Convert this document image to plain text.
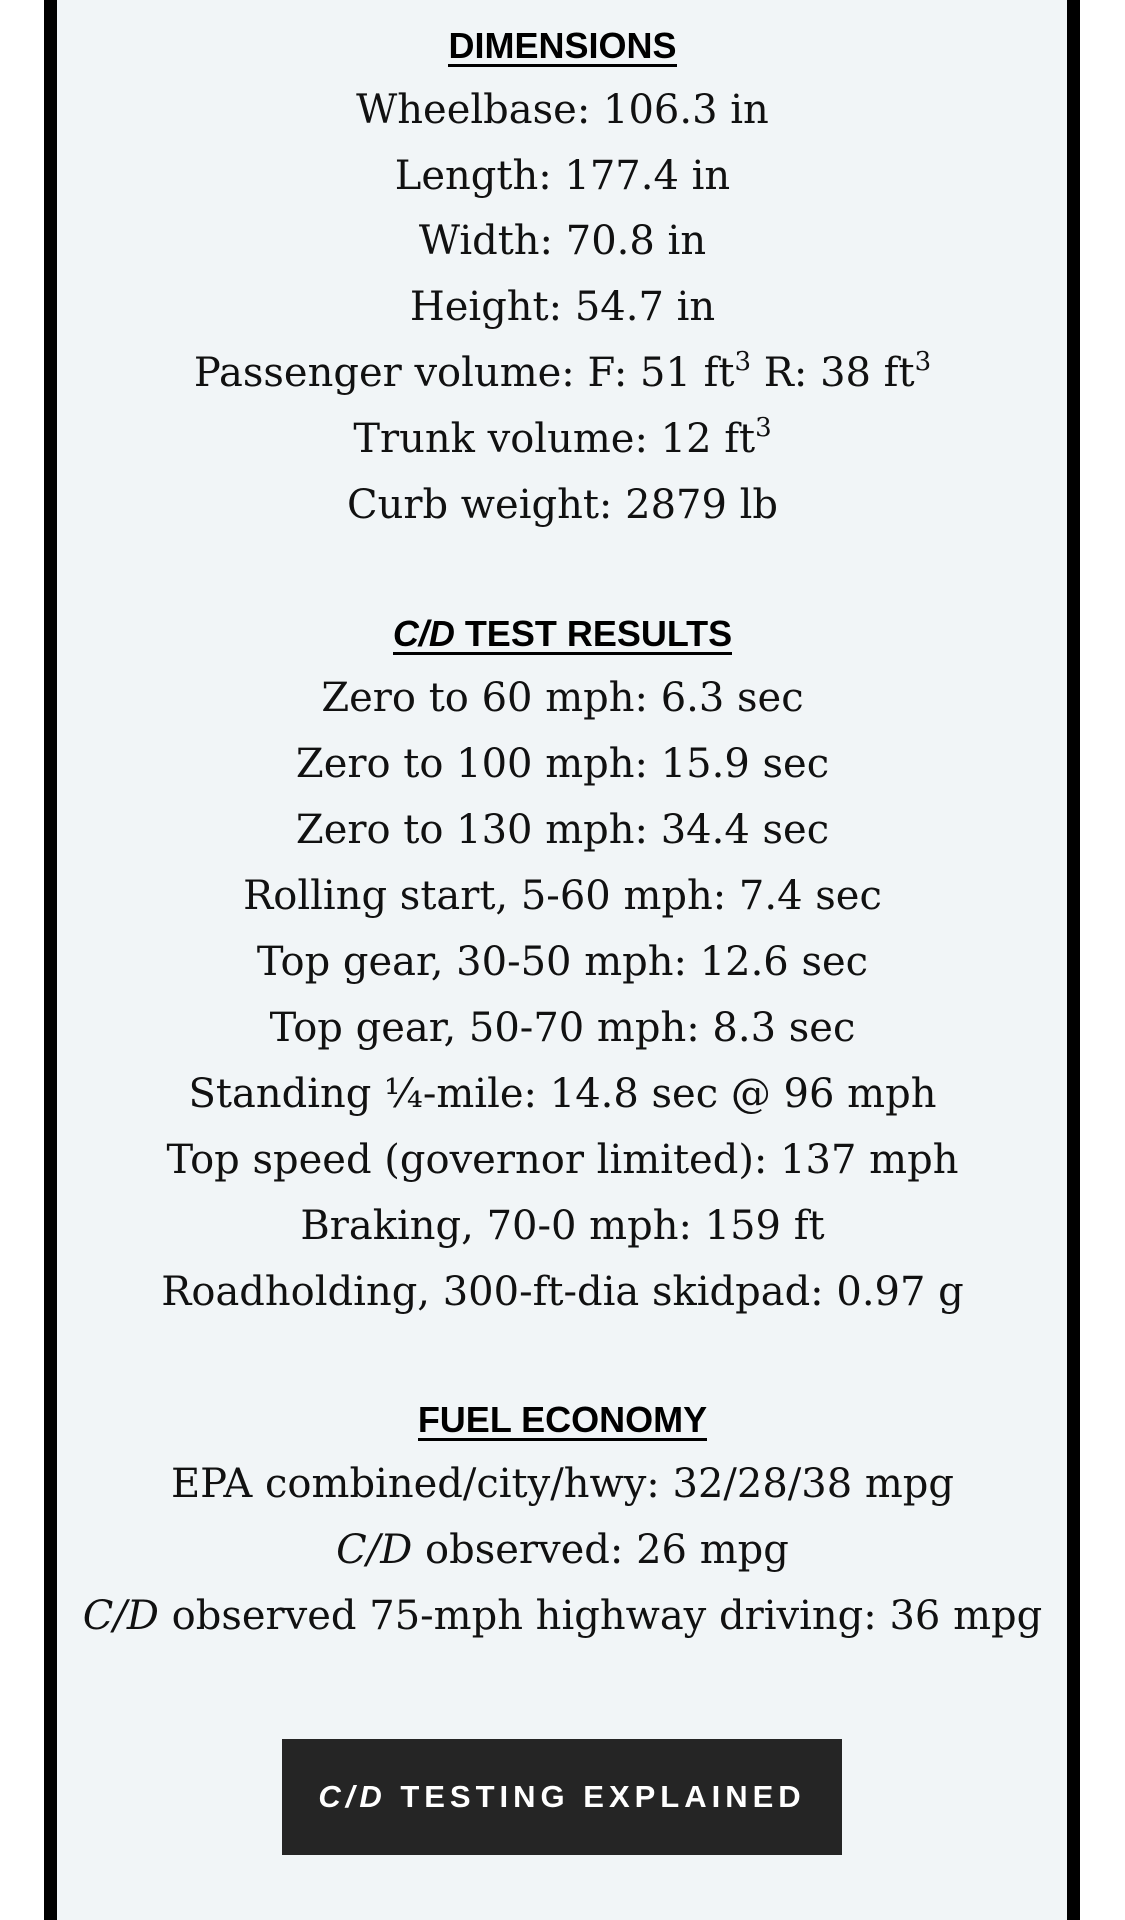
DIMENSIONS
Wheelbase: 106.3 in
Length: 177.4 in
Width: 70.8 in
Height: 54.7 in
Passenger volume: F: 51 $ft^3$ R: 38 $ft^3$
Trunk volume: 12 $ft^3$
Curb weight: 2879 lb
C/D TEST RESULTS
Zero to 60 mph: 6.3 sec
Zero to 100 mph: 15.9 sec
Zero to 130 mph: 34.4 sec
Rolling start, 5-60 mph: 7.4 sec
Top gear, 30-50 mph: 12.6 sec
Top gear, 50-70 mph: 8.3 sec
Standing ¼-mile: 14.8 sec @ 96 mph
Top speed (governor limited): 137 mph
Braking, 70-0 mph: 159 ft
Roadholding, 300-ft-dia skidpad: 0.97 g
FUEL ECONOMY
EPA combined/city/hwy: 32/28/38 mpg
C/D observed: 26 mpg
C/D observed 75-mph highway driving: 36 mpg
C/D TESTING EXPLAINED
